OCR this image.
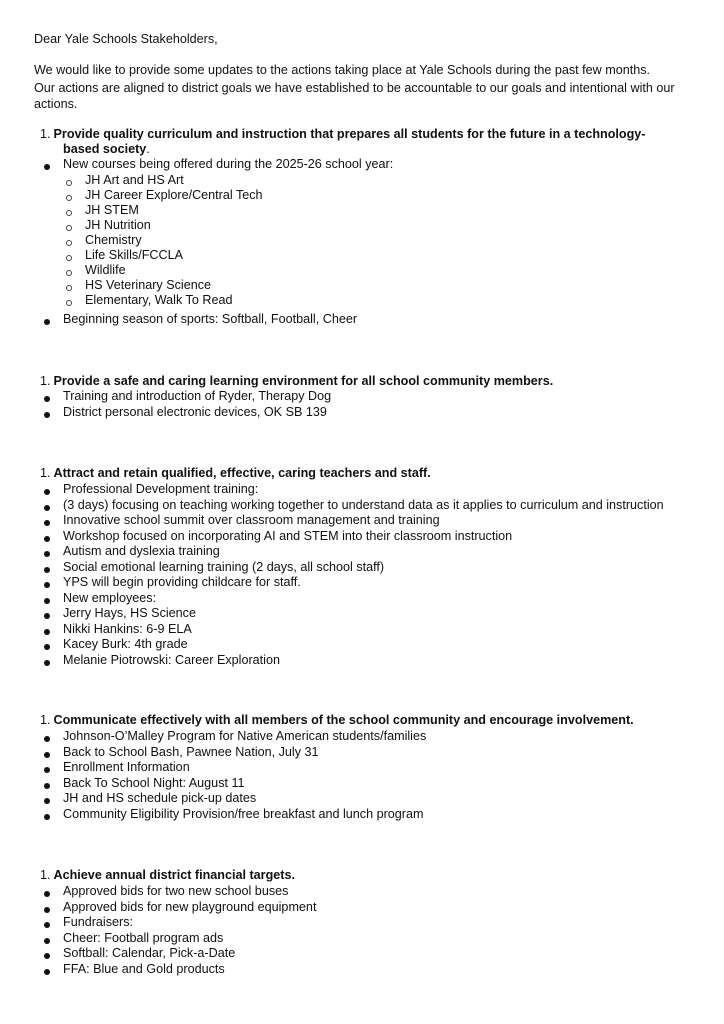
Dear Yale Schools Stakeholders,
We would like to provide some updates to the actions taking place at Yale Schools during the past few months.
Our actions are aligned to district goals we have established to be accountable to our goals and intentional with our actions.
1. Provide quality curriculum and instruction that prepares all students for the future in a technology-
based society.
New courses being offered during the 2025-26 school year:
JH Art and HS Art
JH Career Explore/Central Tech
JH STEM
JH Nutrition
Chemistry
Life Skills/FCCLA
Wildlife
HS Veterinary Science
Elementary, Walk To Read
Beginning season of sports: Softball, Football, Cheer
1. Provide a safe and caring learning environment for all school community members.
Training and introduction of Ryder, Therapy Dog
District personal electronic devices, OK SB 139
1. Attract and retain qualified, effective, caring teachers and staff.
Professional Development training:
(3 days) focusing on teaching working together to understand data as it applies to curriculum and instruction
Innovative school summit over classroom management and training
Workshop focused on incorporating AI and STEM into their classroom instruction
Autism and dyslexia training
Social emotional learning training (2 days, all school staff)
YPS will begin providing childcare for staff.
New employees:
Jerry Hays, HS Science
Nikki Hankins: 6-9 ELA
Kacey Burk: 4th grade
Melanie Piotrowski: Career Exploration
1. Communicate effectively with all members of the school community and encourage involvement.
Johnson-O’Malley Program for Native American students/families
Back to School Bash, Pawnee Nation, July 31
Enrollment Information
Back To School Night: August 11
JH and HS schedule pick-up dates
Community Eligibility Provision/free breakfast and lunch program
1. Achieve annual district financial targets.
Approved bids for two new school buses
Approved bids for new playground equipment
Fundraisers:
Cheer: Football program ads
Softball: Calendar, Pick-a-Date
FFA: Blue and Gold products
